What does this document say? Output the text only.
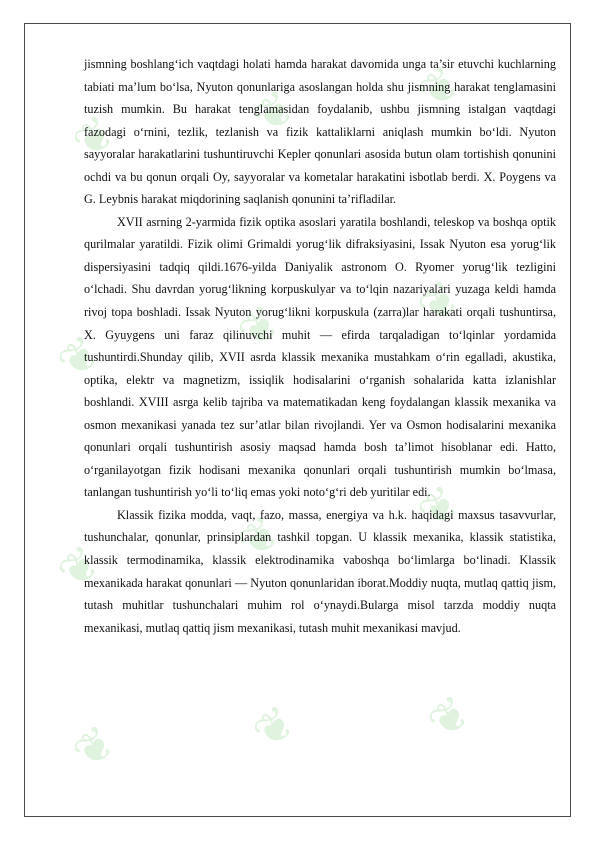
❦	❦ ❦
❦	❦	❦
❦	❦	❦
❦	❦ ❦

jismning boshlang‘ich vaqtdagi holati hamda harakat davomida unga ta’sir etuvchi kuchlarning tabiati ma’lum bo‘lsa, Nyuton qonunlariga asoslangan holda shu jismning harakat tenglamasini tuzish mumkin. Bu harakat tenglamasidan foydalanib, ushbu jismning istalgan vaqtdagi fazodagi o‘rnini, tezlik, tezlanish va fizik kattaliklarni aniqlash mumkin bo‘ldi. Nyuton sayyoralar harakatlarini tushuntiruvchi Kepler qonunlari asosida butun olam tortishish qonunini ochdi va bu qonun orqali Oy, sayyoralar va kometalar harakatini isbotlab berdi. X. Poygens va G. Leybnis harakat miqdorining saqlanish qonunini ta’rifladilar.

XVII asrning 2-yarmida fizik optika asoslari yaratila boshlandi, teleskop va boshqa optik qurilmalar yaratildi. Fizik olimi Grimaldi yorug‘lik difraksiyasini, Issak Nyuton esa yorug‘lik dispersiyasini tadqiq qildi.1676-yilda Daniyalik astronom O. Ryomer yorug‘lik tezligini o‘lchadi. Shu davrdan yorug‘likning korpuskulyar va to‘lqin nazariyalari yuzaga keldi hamda rivoj topa boshladi. Issak Nyuton yorug‘likni korpuskula (zarra)lar harakati orqali tushuntirsa, X. Gyuygens uni faraz qilinuvchi muhit — efirda tarqaladigan to‘lqinlar yordamida tushuntirdi.Shunday qilib, XVII asrda klassik mexanika mustahkam o‘rin egalladi, akustika, optika, elektr va magnetizm, issiqlik hodisalarini o‘rganish sohalarida katta izlanishlar boshlandi. XVIII asrga kelib tajriba va matematikadan keng foydalangan klassik mexanika va osmon mexanikasi yanada tez sur’atlar bilan rivojlandi. Yer va Osmon hodisalarini mexanika qonunlari orqali tushuntirish asosiy maqsad hamda bosh ta’limot hisoblanar edi. Hatto, o‘rganilayotgan fizik hodisani mexanika qonunlari orqali tushuntirish mumkin bo‘lmasa, tanlangan tushuntirish yo‘li to‘liq emas yoki noto‘g‘ri deb yuritilar edi.

Klassik fizika modda, vaqt, fazo, massa, energiya va h.k. haqidagi maxsus tasavvurlar, tushunchalar, qonunlar, prinsiplardan tashkil topgan. U klassik mexanika, klassik statistika, klassik termodinamika, klassik elektrodinamika vaboshqa bo‘limlarga bo‘linadi. Klassik mexanikada harakat qonunlari — Nyuton qonunlaridan iborat.Moddiy nuqta, mutlaq qattiq jism, tutash muhitlar tushunchalari muhim rol o‘ynaydi.Bularga misol tarzda moddiy nuqta mexanikasi, mutlaq qattiq jism mexanikasi, tutash muhit mexanikasi mavjud.
